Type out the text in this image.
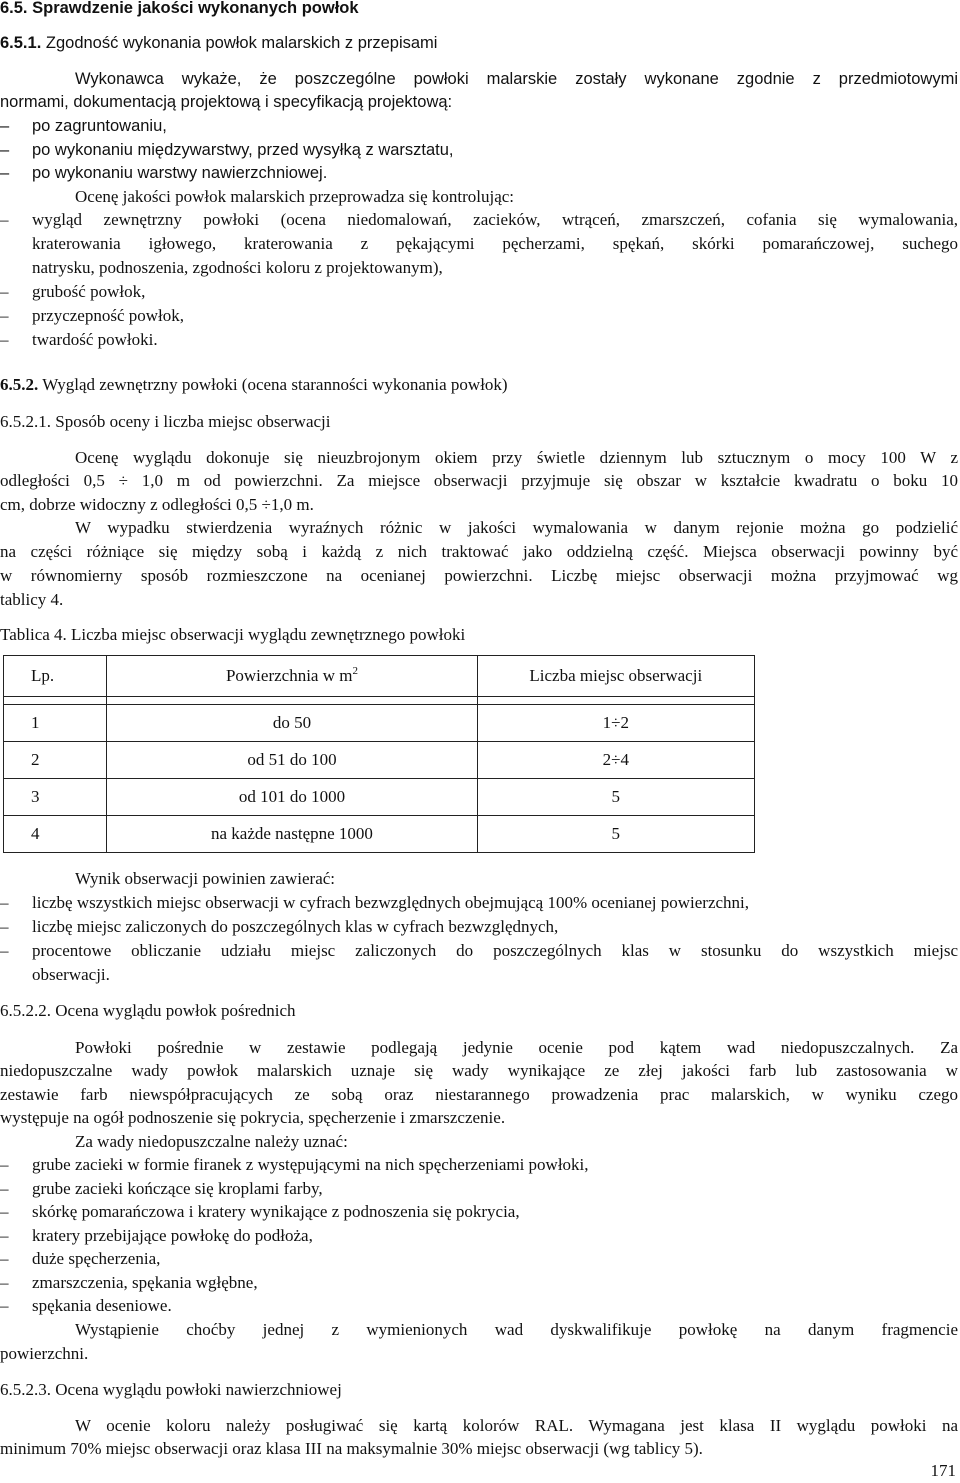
6.5. Sprawdzenie jakości wykonanych powłok
6.5.1. Zgodność wykonania powłok malarskich z przepisami
Wykonawca wykaże, że poszczególne powłoki malarskie zostały wykonane zgodnie z przedmiotowymi
normami, dokumentacją projektową i specyfikacją projektową:
– po zagruntowaniu,
– po wykonaniu międzywarstwy, przed wysyłką z warsztatu,
– po wykonaniu warstwy nawierzchniowej.
Ocenę jakości powłok malarskich przeprowadza się kontrolując:
– wygląd zewnętrzny powłoki (ocena niedomalowań, zacieków, wtrąceń, zmarszczeń, cofania się wymalowania,
kraterowania igłowego, kraterowania z pękającymi pęcherzami, spękań, skórki pomarańczowej, suchego
natrysku, podnoszenia, zgodności koloru z projektowanym),
– grubość powłok,
– przyczepność powłok,
– twardość powłoki.
6.5.2. Wygląd zewnętrzny powłoki (ocena staranności wykonania powłok)
6.5.2.1. Sposób oceny i liczba miejsc obserwacji
Ocenę wyglądu dokonuje się nieuzbrojonym okiem przy świetle dziennym lub sztucznym o mocy 100 W z
odległości 0,5 ÷ 1,0 m od powierzchni. Za miejsce obserwacji przyjmuje się obszar w kształcie kwadratu o boku 10
cm, dobrze widoczny z odległości 0,5 ÷1,0 m.
W wypadku stwierdzenia wyraźnych różnic w jakości wymalowania w danym rejonie można go podzielić
na części różniące się między sobą i każdą z nich traktować jako oddzielną część. Miejsca obserwacji powinny być
w równomierny sposób rozmieszczone na ocenianej powierzchni. Liczbę miejsc obserwacji można przyjmować wg
tablicy 4.
Tablica 4. Liczba miejsc obserwacji wyglądu zewnętrznego powłoki
Lp.	Powierzchnia w $m^2$	Liczba miejsc obserwacji

1	do 50	1÷2
2	od 51 do 100	2÷4
3	od 101 do 1000	5
4	na każde następne 1000	5
Wynik obserwacji powinien zawierać:
– liczbę wszystkich miejsc obserwacji w cyfrach bezwzględnych obejmującą 100% ocenianej powierzchni,
– liczbę miejsc zaliczonych do poszczególnych klas w cyfrach bezwzględnych,
– procentowe obliczanie udziału miejsc zaliczonych do poszczególnych klas w stosunku do wszystkich miejsc
obserwacji.
6.5.2.2. Ocena wyglądu powłok pośrednich
Powłoki pośrednie w zestawie podlegają jedynie ocenie pod kątem wad niedopuszczalnych. Za
niedopuszczalne wady powłok malarskich uznaje się wady wynikające ze złej jakości farb lub zastosowania w
zestawie farb niewspółpracujących ze sobą oraz niestarannego prowadzenia prac malarskich, w wyniku czego
występuje na ogół podnoszenie się pokrycia, spęcherzenie i zmarszczenie.
Za wady niedopuszczalne należy uznać:
– grube zacieki w formie firanek z występującymi na nich spęcherzeniami powłoki,
– grube zacieki kończące się kroplami farby,
– skórkę pomarańczowa i kratery wynikające z podnoszenia się pokrycia,
– kratery przebijające powłokę do podłoża,
– duże spęcherzenia,
– zmarszczenia, spękania wgłębne,
– spękania deseniowe.
Wystąpienie choćby jednej z wymienionych wad dyskwalifikuje powłokę na danym fragmencie
powierzchni.
6.5.2.3. Ocena wyglądu powłoki nawierzchniowej
W ocenie koloru należy posługiwać się kartą kolorów RAL. Wymagana jest klasa II wyglądu powłoki na
minimum 70% miejsc obserwacji oraz klasa III na maksymalnie 30% miejsc obserwacji (wg tablicy 5).
171
